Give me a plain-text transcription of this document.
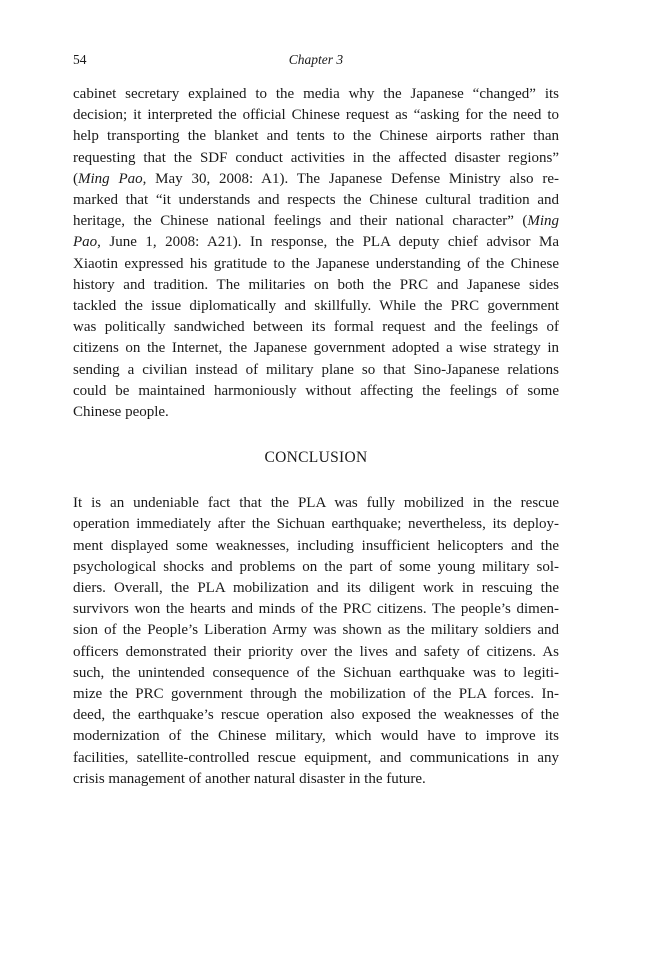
54	Chapter 3
cabinet secretary explained to the media why the Japanese “changed” its
decision; it interpreted the official Chinese request as “asking for the need to
help transporting the blanket and tents to the Chinese airports rather than
requesting that the SDF conduct activities in the affected disaster regions”
(Ming Pao, May 30, 2008: A1). The Japanese Defense Ministry also re-
marked that “it understands and respects the Chinese cultural tradition and
heritage, the Chinese national feelings and their national character” (Ming
Pao, June 1, 2008: A21). In response, the PLA deputy chief advisor Ma
Xiaotin expressed his gratitude to the Japanese understanding of the Chinese
history and tradition. The militaries on both the PRC and Japanese sides
tackled the issue diplomatically and skillfully. While the PRC government
was politically sandwiched between its formal request and the feelings of
citizens on the Internet, the Japanese government adopted a wise strategy in
sending a civilian instead of military plane so that Sino-Japanese relations
could be maintained harmoniously without affecting the feelings of some
Chinese people.
CONCLUSION
It is an undeniable fact that the PLA was fully mobilized in the rescue
operation immediately after the Sichuan earthquake; nevertheless, its deploy-
ment displayed some weaknesses, including insufficient helicopters and the
psychological shocks and problems on the part of some young military sol-
diers. Overall, the PLA mobilization and its diligent work in rescuing the
survivors won the hearts and minds of the PRC citizens. The people’s dimen-
sion of the People’s Liberation Army was shown as the military soldiers and
officers demonstrated their priority over the lives and safety of citizens. As
such, the unintended consequence of the Sichuan earthquake was to legiti-
mize the PRC government through the mobilization of the PLA forces. In-
deed, the earthquake’s rescue operation also exposed the weaknesses of the
modernization of the Chinese military, which would have to improve its
facilities, satellite-controlled rescue equipment, and communications in any
crisis management of another natural disaster in the future.
